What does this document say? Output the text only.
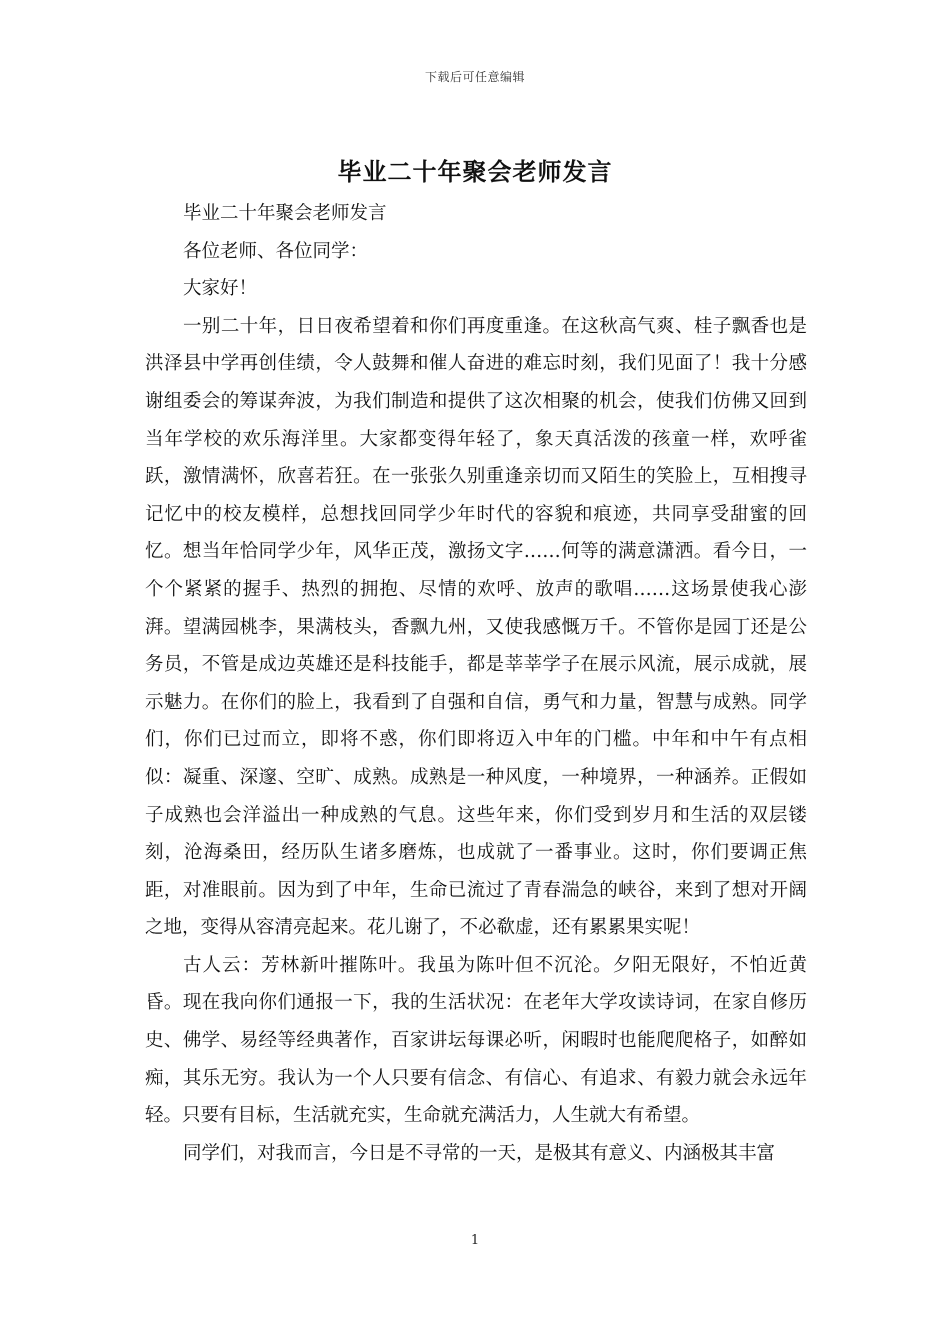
下载后可任意编辑
毕业二十年聚会老师发言

毕业二十年聚会老师发言

各位老师、各位同学：

大家好！

一别二十年，日日夜希望着和你们再度重逢。在这秋高气爽、桂子飘香也是洪泽县中学再创佳绩，令人鼓舞和催人奋进的难忘时刻，我们见面了！我十分感谢组委会的筹谋奔波，为我们制造和提供了这次相聚的机会，使我们仿佛又回到当年学校的欢乐海洋里。大家都变得年轻了，象天真活泼的孩童一样，欢呼雀跃，激情满怀，欣喜若狂。在一张张久别重逢亲切而又陌生的笑脸上，互相搜寻记忆中的校友模样，总想找回同学少年时代的容貌和痕迹，共同享受甜蜜的回忆。想当年恰同学少年，风华正茂，激扬文字……何等的满意潇洒。看今日，一个个紧紧的握手、热烈的拥抱、尽情的欢呼、放声的歌唱……这场景使我心澎湃。望满园桃李，果满枝头，香飘九州，又使我感慨万千。不管你是园丁还是公务员，不管是成边英雄还是科技能手，都是莘莘学子在展示风流，展示成就，展示魅力。在你们的脸上，我看到了自强和自信，勇气和力量，智慧与成熟。同学们，你们已过而立，即将不惑，你们即将迈入中年的门槛。中年和中午有点相似：凝重、深邃、空旷、成熟。成熟是一种风度，一种境界，一种涵养。正假如子成熟也会洋溢出一种成熟的气息。这些年来，你们受到岁月和生活的双层镂刻，沧海桑田，经历队生诸多磨炼，也成就了一番事业。这时，你们要调正焦距，对准眼前。因为到了中年，生命已流过了青春湍急的峡谷，来到了想对开阔之地，变得从容清亮起来。花儿谢了，不必欷虚，还有累累果实呢！

古人云：芳林新叶摧陈叶。我虽为陈叶但不沉沦。夕阳无限好，不怕近黄昏。现在我向你们通报一下，我的生活状况：在老年大学攻读诗词，在家自修历史、佛学、易经等经典著作，百家讲坛每课必听，闲暇时也能爬爬格子，如醉如痴，其乐无穷。我认为一个人只要有信念、有信心、有追求、有毅力就会永远年轻。只要有目标，生活就充实，生命就充满活力，人生就大有希望。

同学们，对我而言，今日是不寻常的一天，是极其有意义、内涵极其丰富

1
